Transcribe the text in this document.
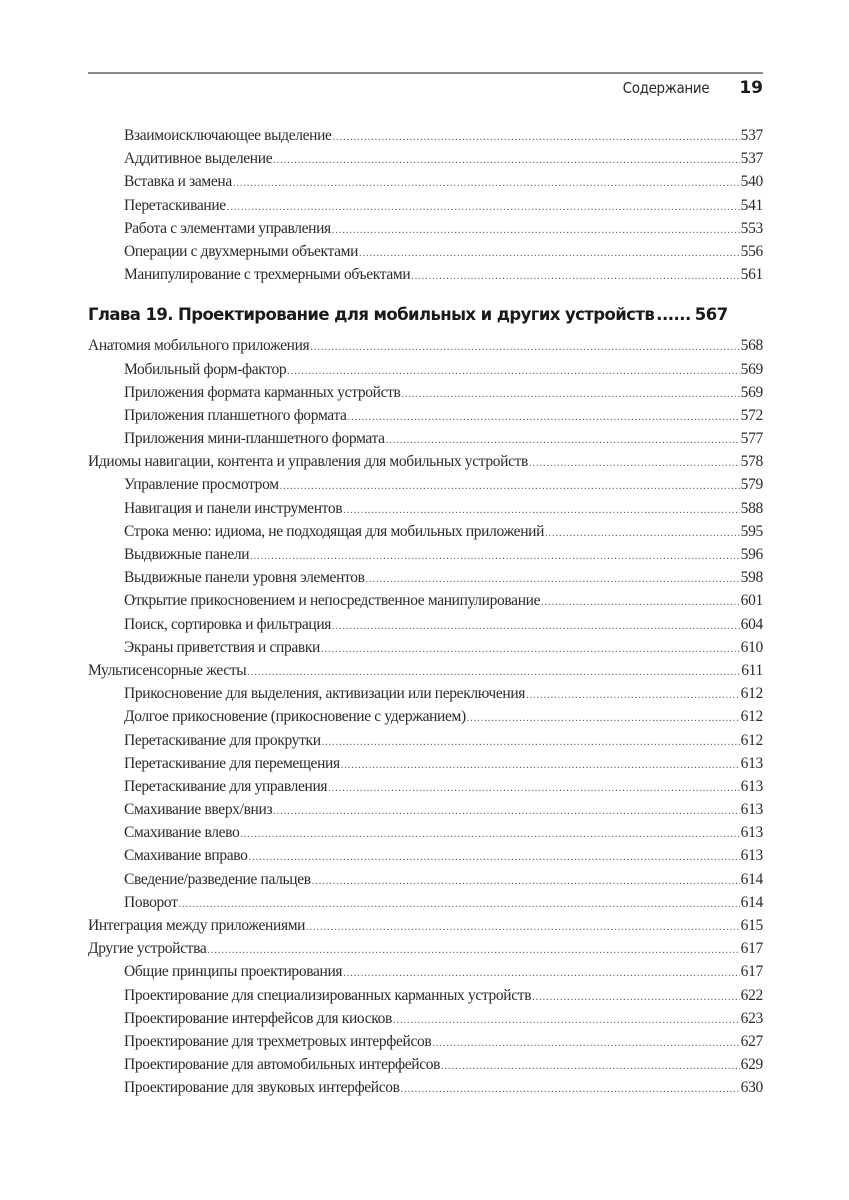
Содержание 19
Взаимоисключающее выделение .....	537
Аддитивное выделение .....	537
Вставка и замена .....	540
Перетаскивание .....	541
Работа с элементами управления .....	553
Операции с двухмерными объектами .....	556
Манипулирование с трехмерными объектами .....	561
Глава 19. Проектирование для мобильных и других устройств ...... 567
Анатомия мобильного приложения .....	568
Мобильный форм-фактор .....	569
Приложения формата карманных устройств .....	569
Приложения планшетного формата .....	572
Приложения мини-планшетного формата .....	577
Идиомы навигации, контента и управления для мобильных устройств .....	578
Управление просмотром .....	579
Навигация и панели инструментов .....	588
Строка меню: идиома, не подходящая для мобильных приложений .....	595
Выдвижные панели .....	596
Выдвижные панели уровня элементов .....	598
Открытие прикосновением и непосредственное манипулирование .....	601
Поиск, сортировка и фильтрация .....	604
Экраны приветствия и справки .....	610
Мультисенсорные жесты .....	611
Прикосновение для выделения, активизации или переключения .....	612
Долгое прикосновение (прикосновение с удержанием) .....	612
Перетаскивание для прокрутки .....	612
Перетаскивание для перемещения .....	613
Перетаскивание для управления .....	613
Смахивание вверх/вниз .....	613
Смахивание влево .....	613
Смахивание вправо .....	613
Сведение/разведение пальцев .....	614
Поворот .....	614
Интеграция между приложениями .....	615
Другие устройства .....	617
Общие принципы проектирования .....	617
Проектирование для специализированных карманных устройств .....	622
Проектирование интерфейсов для киосков .....	623
Проектирование для трехметровых интерфейсов .....	627
Проектирование для автомобильных интерфейсов .....	629
Проектирование для звуковых интерфейсов .....	630
